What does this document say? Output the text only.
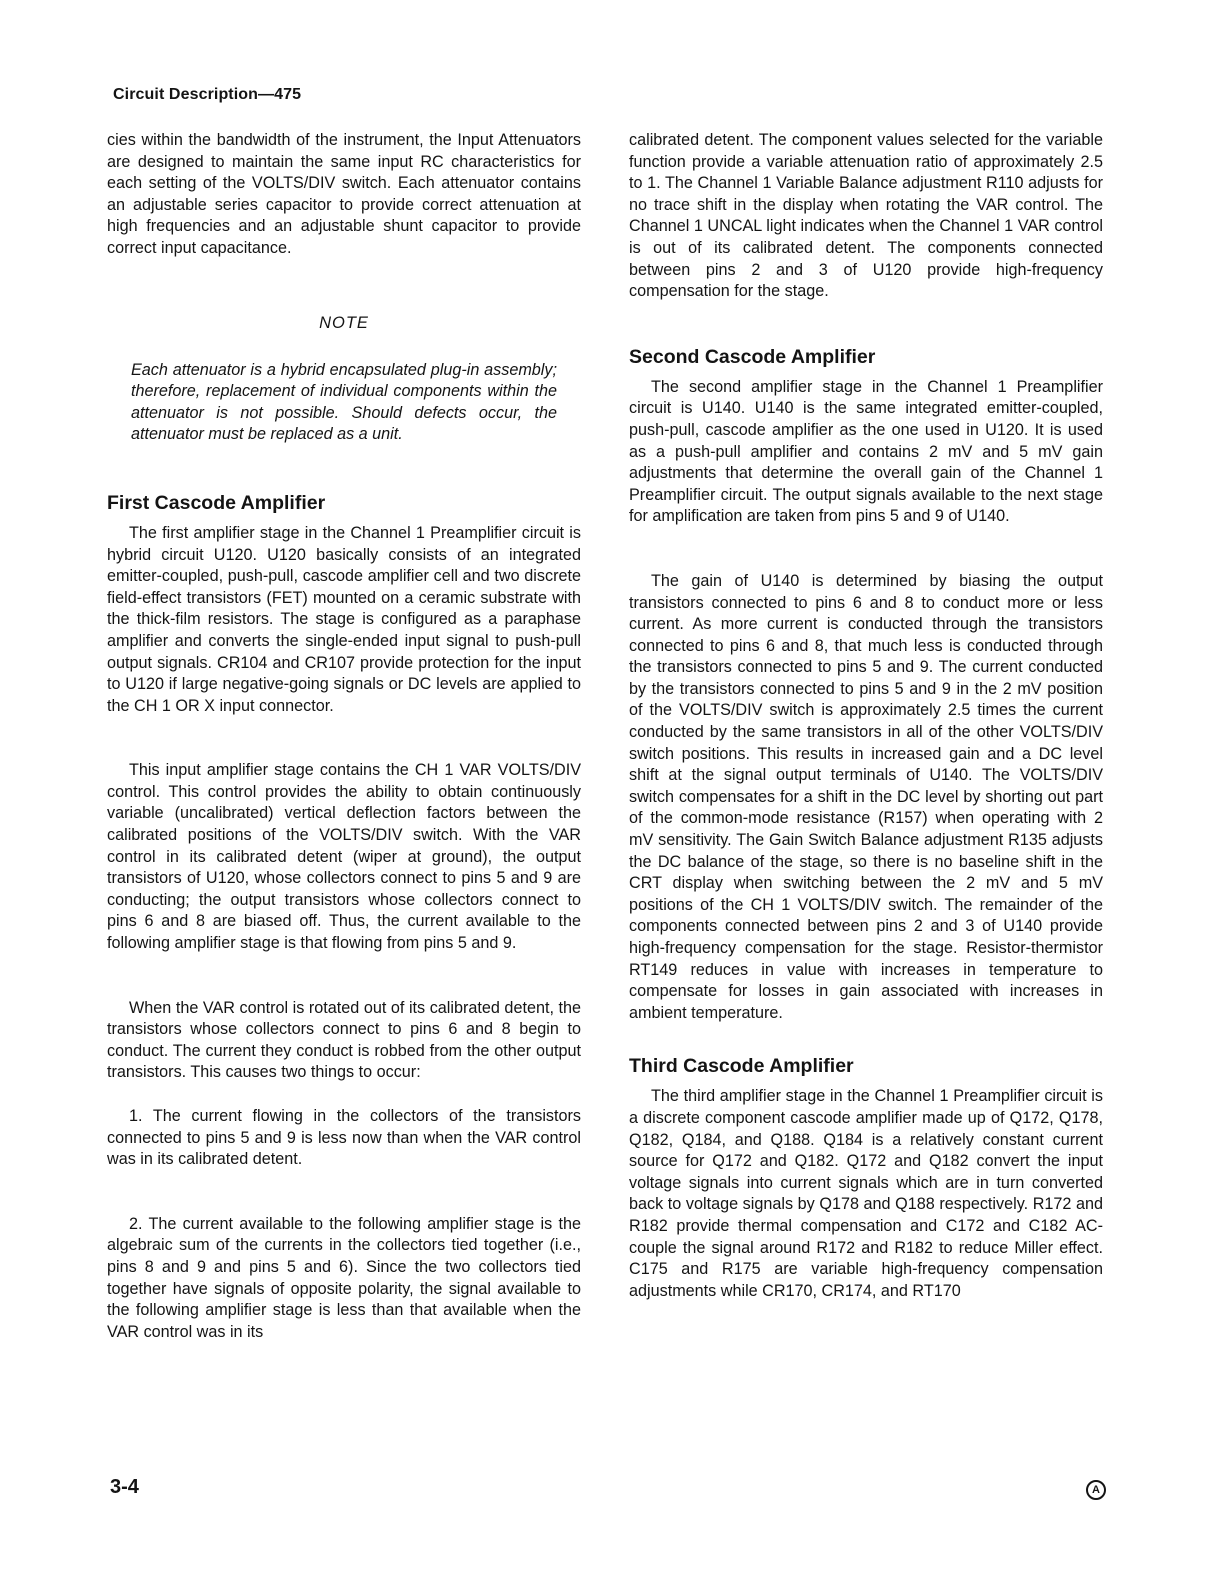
Circuit Description—475

cies within the bandwidth of the instrument, the Input Attenuators are designed to maintain the same input RC characteristics for each setting of the VOLTS/DIV switch. Each attenuator contains an adjustable series capacitor to provide correct attenuation at high frequencies and an adjustable shunt capacitor to provide correct input capacitance.

NOTE

Each attenuator is a hybrid encapsulated plug-in assembly; therefore, replacement of individual components within the attenuator is not possible. Should defects occur, the attenuator must be replaced as a unit.

First Cascode Amplifier

The first amplifier stage in the Channel 1 Preamplifier circuit is hybrid circuit U120. U120 basically consists of an integrated emitter-coupled, push-pull, cascode amplifier cell and two discrete field-effect transistors (FET) mounted on a ceramic substrate with the thick-film resistors. The stage is configured as a paraphase amplifier and converts the single-ended input signal to push-pull output signals. CR104 and CR107 provide protection for the input to U120 if large negative-going signals or DC levels are applied to the CH 1 OR X input connector.

This input amplifier stage contains the CH 1 VAR VOLTS/DIV control. This control provides the ability to obtain continuously variable (uncalibrated) vertical deflection factors between the calibrated positions of the VOLTS/DIV switch. With the VAR control in its calibrated detent (wiper at ground), the output transistors of U120, whose collectors connect to pins 5 and 9 are conducting; the output transistors whose collectors connect to pins 6 and 8 are biased off. Thus, the current available to the following amplifier stage is that flowing from pins 5 and 9.

When the VAR control is rotated out of its calibrated detent, the transistors whose collectors connect to pins 6 and 8 begin to conduct. The current they conduct is robbed from the other output transistors. This causes two things to occur:

1. The current flowing in the collectors of the transistors connected to pins 5 and 9 is less now than when the VAR control was in its calibrated detent.

2. The current available to the following amplifier stage is the algebraic sum of the currents in the collectors tied together (i.e., pins 8 and 9 and pins 5 and 6). Since the two collectors tied together have signals of opposite polarity, the signal available to the following amplifier stage is less than that available when the VAR control was in its

calibrated detent. The component values selected for the variable function provide a variable attenuation ratio of approximately 2.5 to 1. The Channel 1 Variable Balance adjustment R110 adjusts for no trace shift in the display when rotating the VAR control. The Channel 1 UNCAL light indicates when the Channel 1 VAR control is out of its calibrated detent. The components connected between pins 2 and 3 of U120 provide high-frequency compensation for the stage.

Second Cascode Amplifier

The second amplifier stage in the Channel 1 Preamplifier circuit is U140. U140 is the same integrated emitter-coupled, push-pull, cascode amplifier as the one used in U120. It is used as a push-pull amplifier and contains 2 mV and 5 mV gain adjustments that determine the overall gain of the Channel 1 Preamplifier circuit. The output signals available to the next stage for amplification are taken from pins 5 and 9 of U140.

The gain of U140 is determined by biasing the output transistors connected to pins 6 and 8 to conduct more or less current. As more current is conducted through the transistors connected to pins 6 and 8, that much less is conducted through the transistors connected to pins 5 and 9. The current conducted by the transistors connected to pins 5 and 9 in the 2 mV position of the VOLTS/DIV switch is approximately 2.5 times the current conducted by the same transistors in all of the other VOLTS/DIV switch positions. This results in increased gain and a DC level shift at the signal output terminals of U140. The VOLTS/DIV switch compensates for a shift in the DC level by shorting out part of the common-mode resistance (R157) when operating with 2 mV sensitivity. The Gain Switch Balance adjustment R135 adjusts the DC balance of the stage, so there is no baseline shift in the CRT display when switching between the 2 mV and 5 mV positions of the CH 1 VOLTS/DIV switch. The remainder of the components connected between pins 2 and 3 of U140 provide high-frequency compensation for the stage. Resistor-thermistor RT149 reduces in value with increases in temperature to compensate for losses in gain associated with increases in ambient temperature.

Third Cascode Amplifier

The third amplifier stage in the Channel 1 Preamplifier circuit is a discrete component cascode amplifier made up of Q172, Q178, Q182, Q184, and Q188. Q184 is a relatively constant current source for Q172 and Q182. Q172 and Q182 convert the input voltage signals into current signals which are in turn converted back to voltage signals by Q178 and Q188 respectively. R172 and R182 provide thermal compensation and C172 and C182 AC-couple the signal around R172 and R182 to reduce Miller effect. C175 and R175 are variable high-frequency compensation adjustments while CR170, CR174, and RT170

3-4	A
